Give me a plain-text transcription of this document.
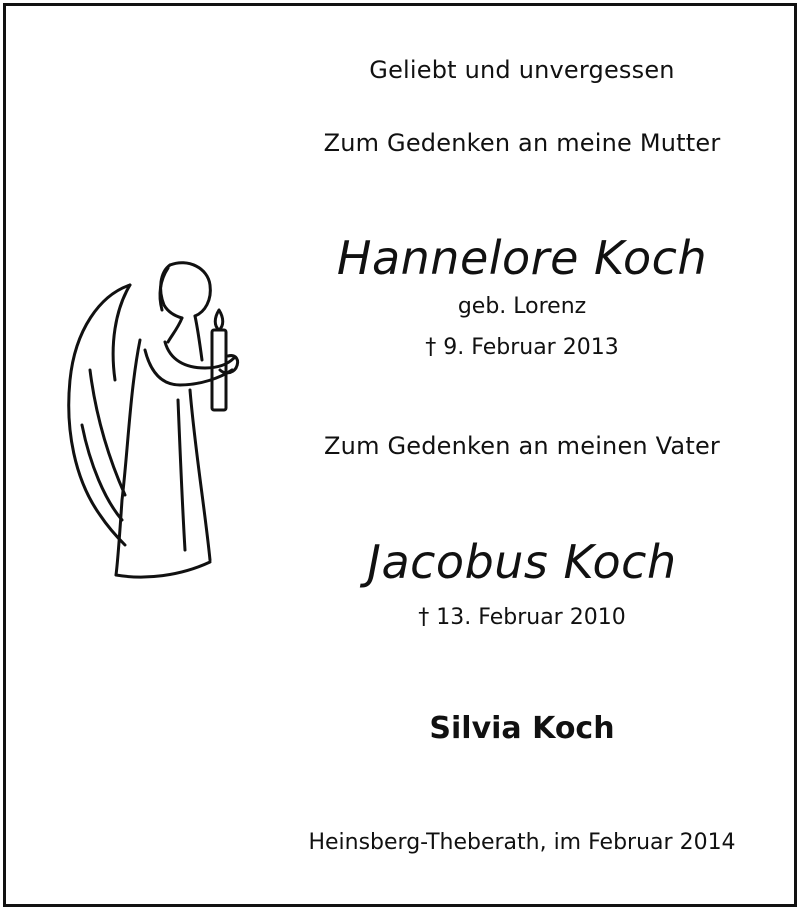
Geliebt und unvergessen
Zum Gedenken an meine Mutter
Hannelore Koch
geb. Lorenz
† 9. Februar 2013
Zum Gedenken an meinen Vater
Jacobus Koch
† 13. Februar 2010
Silvia Koch
Heinsberg-Theberath, im Februar 2014
